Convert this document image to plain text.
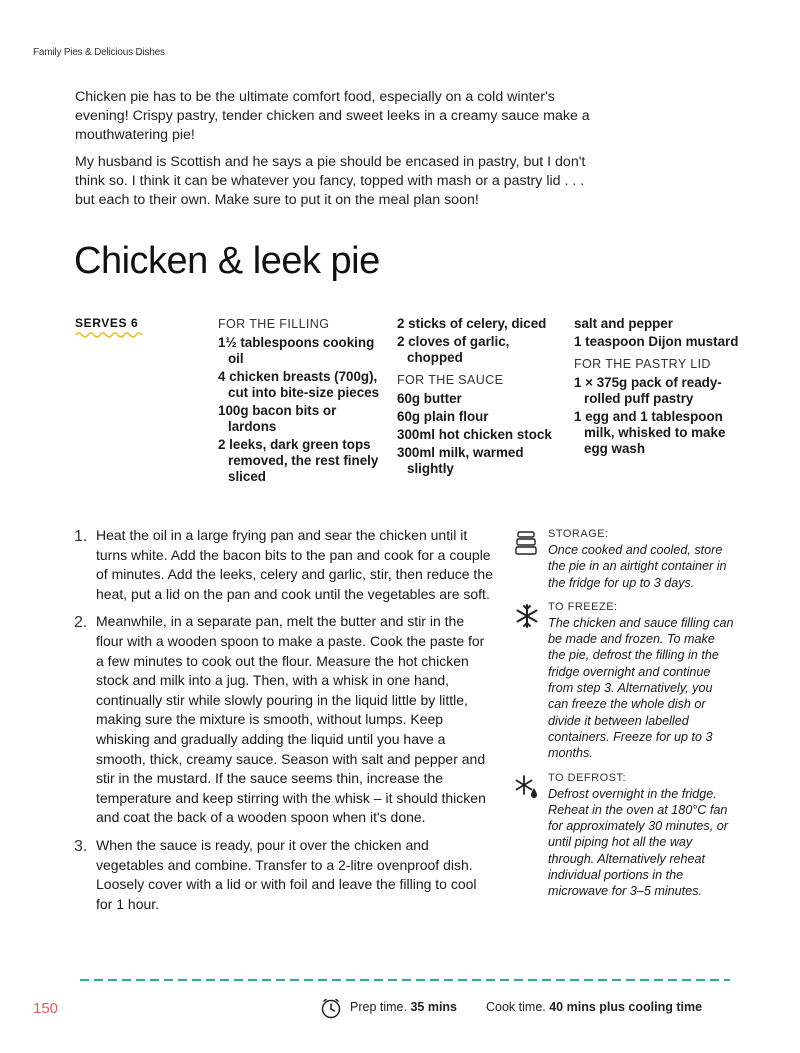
Family Pies & Delicious Dishes

Chicken pie has to be the ultimate comfort food, especially on a cold winter's evening! Crispy pastry, tender chicken and sweet leeks in a creamy sauce make a mouthwatering pie!

My husband is Scottish and he says a pie should be encased in pastry, but I don't think so. I think it can be whatever you fancy, topped with mash or a pastry lid . . . but each to their own. Make sure to put it on the meal plan soon!

Chicken & leek pie
SERVES 6	FOR THE FILLING
1½ tablespoons cooking oil
4 chicken breasts (700g), cut into bite-size pieces
100g bacon bits or lardons
2 leeks, dark green tops removed, the rest finely sliced
2 sticks of celery, diced
2 cloves of garlic, chopped
FOR THE SAUCE
60g butter
60g plain flour
300ml hot chicken stock
300ml milk, warmed slightly
salt and pepper
1 teaspoon Dijon mustard
FOR THE PASTRY LID
1 × 375g pack of ready-rolled puff pastry
1 egg and 1 tablespoon milk, whisked to make egg wash
1. Heat the oil in a large frying pan and sear the chicken until it turns white. Add the bacon bits to the pan and cook for a couple of minutes. Add the leeks, celery and garlic, stir, then reduce the heat, put a lid on the pan and cook until the vegetables are soft.
2. Meanwhile, in a separate pan, melt the butter and stir in the flour with a wooden spoon to make a paste. Cook the paste for a few minutes to cook out the flour. Measure the hot chicken stock and milk into a jug. Then, with a whisk in one hand, continually stir while slowly pouring in the liquid little by little, making sure the mixture is smooth, without lumps. Keep whisking and gradually adding the liquid until you have a smooth, thick, creamy sauce. Season with salt and pepper and stir in the mustard. If the sauce seems thin, increase the temperature and keep stirring with the whisk – it should thicken and coat the back of a wooden spoon when it's done.
3. When the sauce is ready, pour it over the chicken and vegetables and combine. Transfer to a 2-litre ovenproof dish. Loosely cover with a lid or with foil and leave the filling to cool for 1 hour.
STORAGE:
Once cooked and cooled, store the pie in an airtight container in the fridge for up to 3 days.
TO FREEZE:
The chicken and sauce filling can be made and frozen. To make the pie, defrost the filling in the fridge overnight and continue from step 3. Alternatively, you can freeze the whole dish or divide it between labelled containers. Freeze for up to 3 months.
TO DEFROST:
Defrost overnight in the fridge. Reheat in the oven at 180°C fan for approximately 30 minutes, or until piping hot all the way through. Alternatively reheat individual portions in the microwave for 3–5 minutes.
150	Prep time. 35 mins Cook time. 40 mins plus cooling time
